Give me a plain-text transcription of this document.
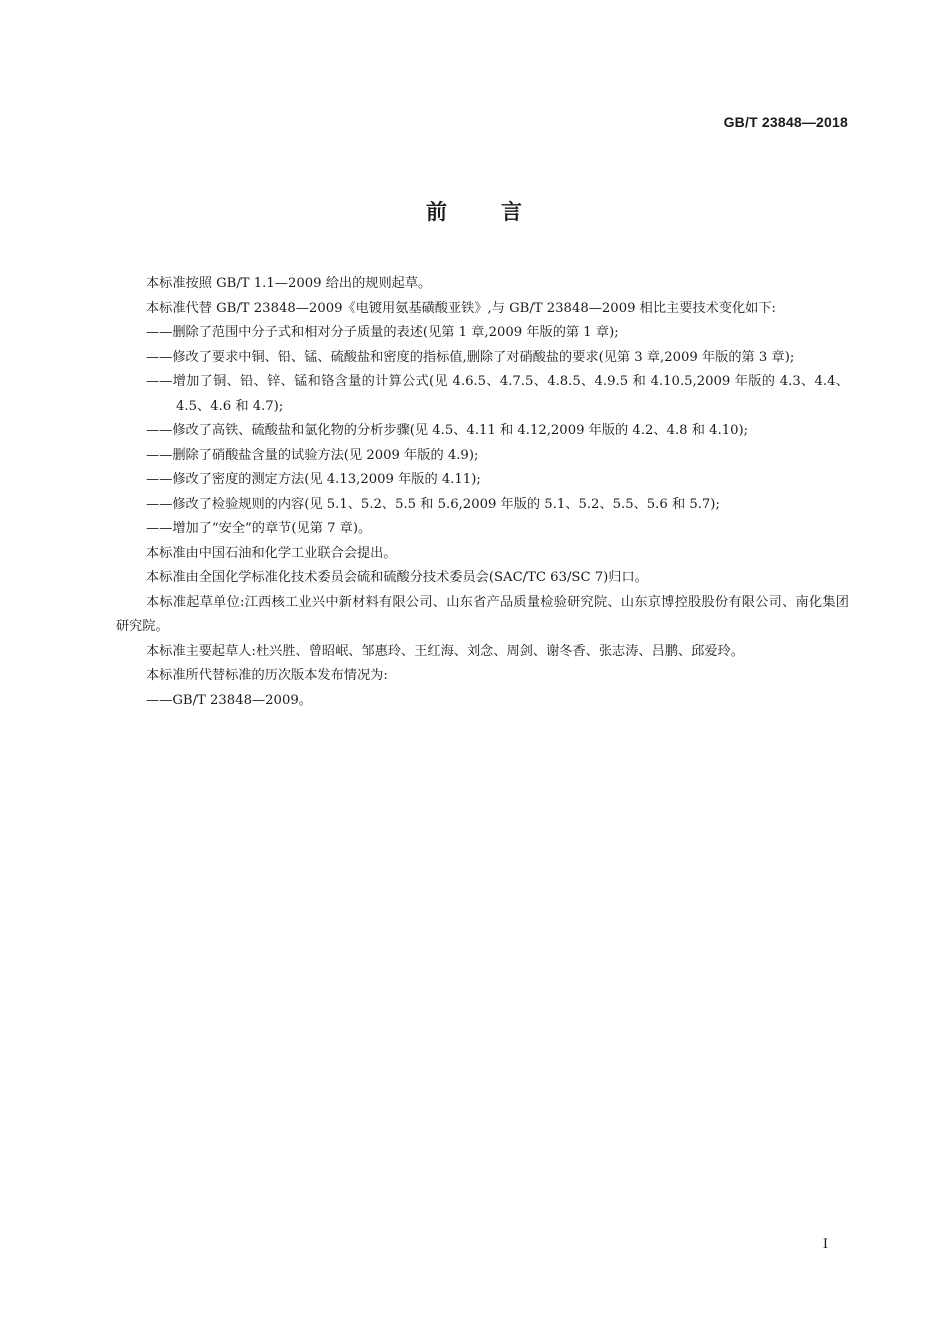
GB/T 23848—2018
前 言

本标准按照 GB/T 1.1—2009 给出的规则起草。

本标准代替 GB/T 23848—2009《电镀用氨基磺酸亚铁》,与 GB/T 23848—2009 相比主要技术变化如下:

——删除了范围中分子式和相对分子质量的表述(见第 1 章,2009 年版的第 1 章);

——修改了要求中铜、铅、锰、硫酸盐和密度的指标值,删除了对硝酸盐的要求(见第 3 章,2009 年版的第 3 章);

——增加了铜、铅、锌、锰和铬含量的计算公式(见 4.6.5、4.7.5、4.8.5、4.9.5 和 4.10.5,2009 年版的 4.3、4.4、4.5、4.6 和 4.7);

——修改了高铁、硫酸盐和氯化物的分析步骤(见 4.5、4.11 和 4.12,2009 年版的 4.2、4.8 和 4.10);

——删除了硝酸盐含量的试验方法(见 2009 年版的 4.9);

——修改了密度的测定方法(见 4.13,2009 年版的 4.11);

——修改了检验规则的内容(见 5.1、5.2、5.5 和 5.6,2009 年版的 5.1、5.2、5.5、5.6 和 5.7);

——增加了“安全”的章节(见第 7 章)。

本标准由中国石油和化学工业联合会提出。

本标准由全国化学标准化技术委员会硫和硫酸分技术委员会(SAC/TC 63/SC 7)归口。

本标准起草单位:江西核工业兴中新材料有限公司、山东省产品质量检验研究院、山东京博控股股份有限公司、南化集团研究院。

本标准主要起草人:杜兴胜、曾昭岷、邹惠玲、王红海、刘念、周剑、谢冬香、张志涛、吕鹏、邱爱玲。

本标准所代替标准的历次版本发布情况为:

——GB/T 23848—2009。

I
